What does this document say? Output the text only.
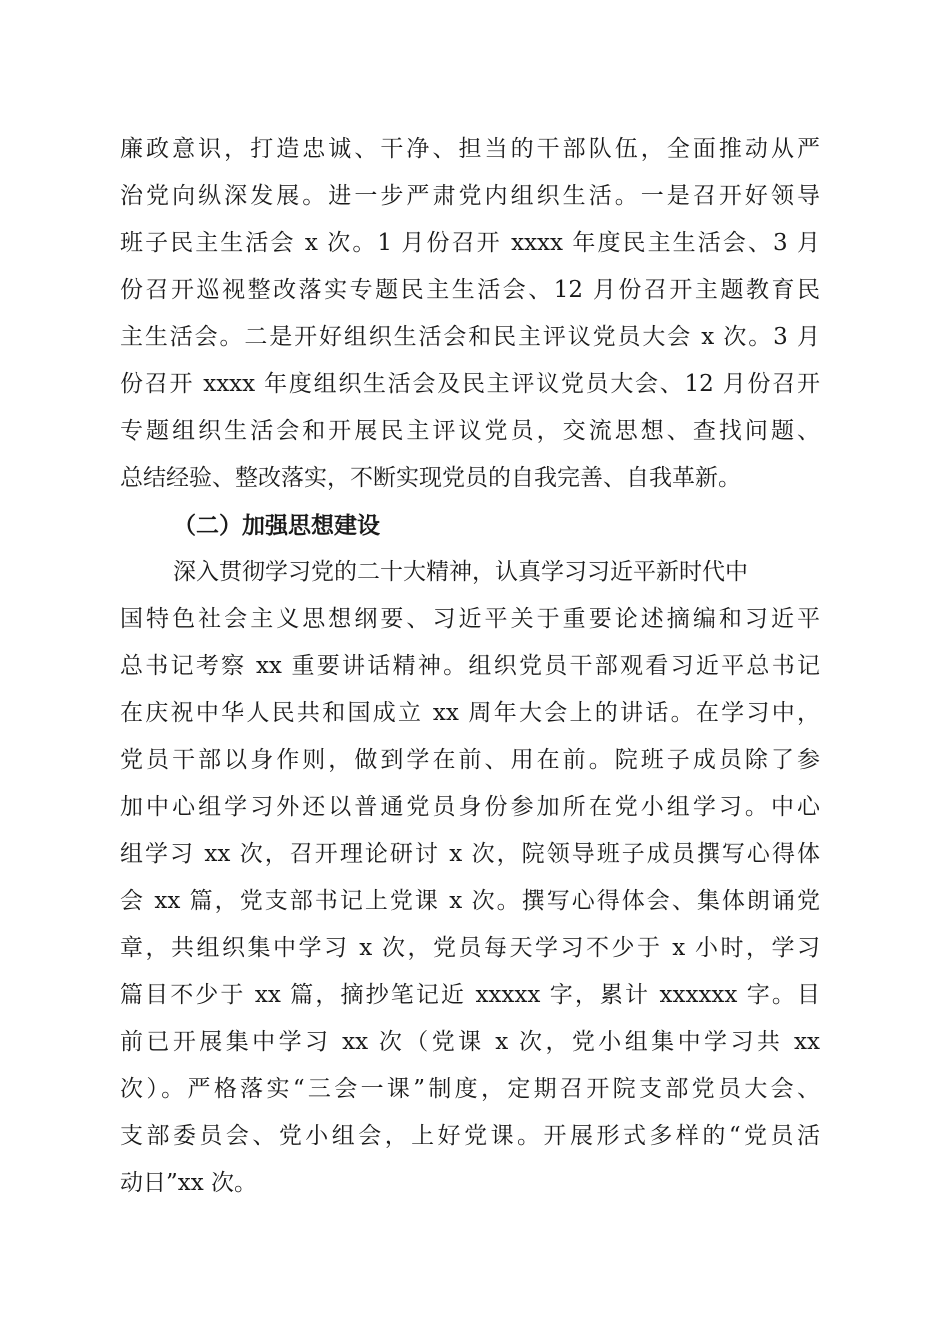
廉政意识，打造忠诚、干净、担当的干部队伍，全面推动从严
治党向纵深发展。进一步严肃党内组织生活。一是召开好领导
班子民主生活会 x 次。1 月份召开 xxxx 年度民主生活会、3 月
份召开巡视整改落实专题民主生活会、12 月份召开主题教育民
主生活会。二是开好组织生活会和民主评议党员大会 x 次。3 月
份召开 xxxx 年度组织生活会及民主评议党员大会、12 月份召开
专题组织生活会和开展民主评议党员，交流思想、查找问题、
总结经验、整改落实，不断实现党员的自我完善、自我革新。
（二）加强思想建设
深入贯彻学习党的二十大精神，认真学习习近平新时代中
国特色社会主义思想纲要、习近平关于重要论述摘编和习近平
总书记考察 xx 重要讲话精神。组织党员干部观看习近平总书记
在庆祝中华人民共和国成立 xx 周年大会上的讲话。在学习中，
党员干部以身作则，做到学在前、用在前。院班子成员除了参
加中心组学习外还以普通党员身份参加所在党小组学习。中心
组学习 xx 次，召开理论研讨 x 次，院领导班子成员撰写心得体
会 xx 篇，党支部书记上党课 x 次。撰写心得体会、集体朗诵党
章，共组织集中学习 x 次，党员每天学习不少于 x 小时，学习
篇目不少于 xx 篇，摘抄笔记近 xxxxx 字，累计 xxxxxx 字。目
前已开展集中学习 xx 次（党课 x 次，党小组集中学习共 xx
次）。严格落实“三会一课”制度，定期召开院支部党员大会、
支部委员会、党小组会，上好党课。开展形式多样的“党员活
动日”xx 次。
